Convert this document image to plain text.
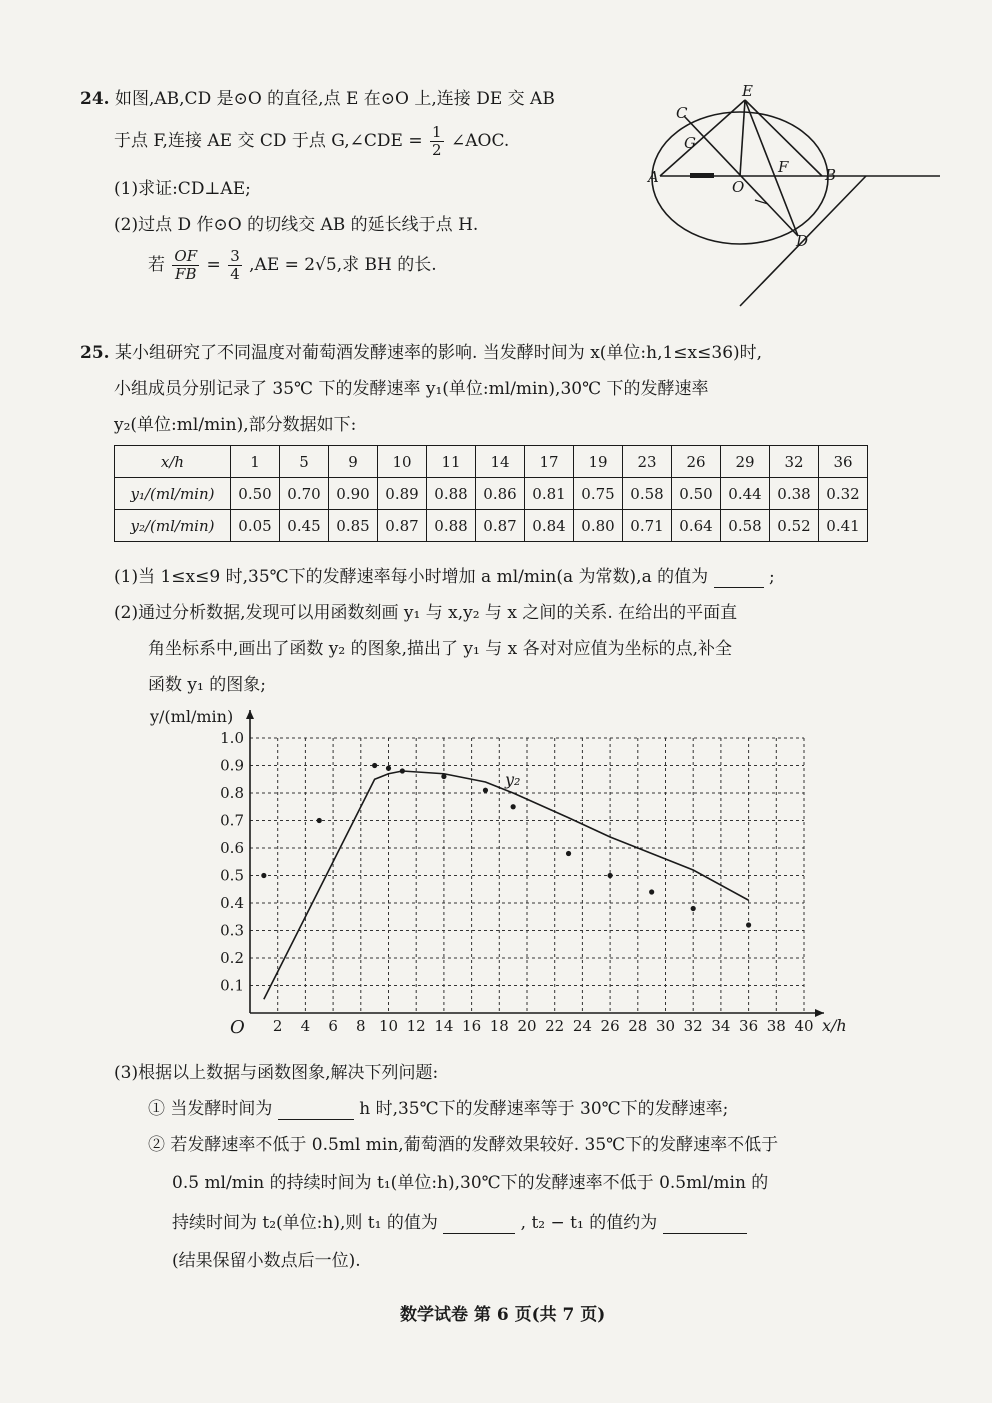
24. 如图,AB,CD 是⊙O 的直径,点 E 在⊙O 上,连接 DE 交 AB
于点 F,连接 AE 交 CD 于点 G,∠CDE = $\frac{1}{2}$ ∠AOC.
(1)求证:CD⊥AE;
(2)过点 D 作⊙O 的切线交 AB 的延长线于点 H.
若 $\frac{OF}{FB} = \frac{3}{4} ,AE = 2√5$,求 BH 的长.
E
C
G
A
O
F B
D
25. 某小组研究了不同温度对葡萄酒发酵速率的影响. 当发酵时间为 x(单位:h,1≤x≤36)时,
小组成员分别记录了 35℃ 下的发酵速率 y₁(单位:ml/min),30℃ 下的发酵速率
y₂(单位:ml/min),部分数据如下:
x/h	1	5	9	10	11	14	17	19	23	26	29	32	36
y₁/(ml/min)	0.50	0.70	0.90	0.89	0.88	0.86	0.81	0.75	0.58	0.50	0.44	0.38	0.32
y₂/(ml/min)	0.05	0.45	0.85	0.87	0.88	0.87	0.84	0.80	0.71	0.64	0.58	0.52	0.41
(1)当 1≤x≤9 时,35℃下的发酵速率每小时增加 a ml/min(a 为常数),a 的值为	;
(2)通过分析数据,发现可以用函数刻画 y₁ 与 x,y₂ 与 x 之间的关系. 在给出的平面直
角坐标系中,画出了函数 y₂ 的图象,描出了 y₁ 与 x 各对对应值为坐标的点,补全
函数 y₁ 的图象;
2 4 6 8 10 12 14 16 18 20 22 24 26 28 30 32 34 36 38 40
0.1
0.2
0.3
0.4
0.5
0.6
0.7
0.8
0.9
1.0
y/(ml/min)
x/h
O
y₂
(3)根据以上数据与函数图象,解决下列问题:
① 当发酵时间为	h 时,35℃下的发酵速率等于 30℃下的发酵速率;
② 若发酵速率不低于 0.5ml min,葡萄酒的发酵效果较好. 35℃下的发酵速率不低于
0.5 ml/min 的持续时间为 t₁(单位:h),30℃下的发酵速率不低于 0.5ml/min 的
持续时间为 t₂(单位:h),则 t₁ 的值为	, t₂ − t₁ 的值约为
(结果保留小数点后一位).
数学试卷 第 6 页(共 7 页)
